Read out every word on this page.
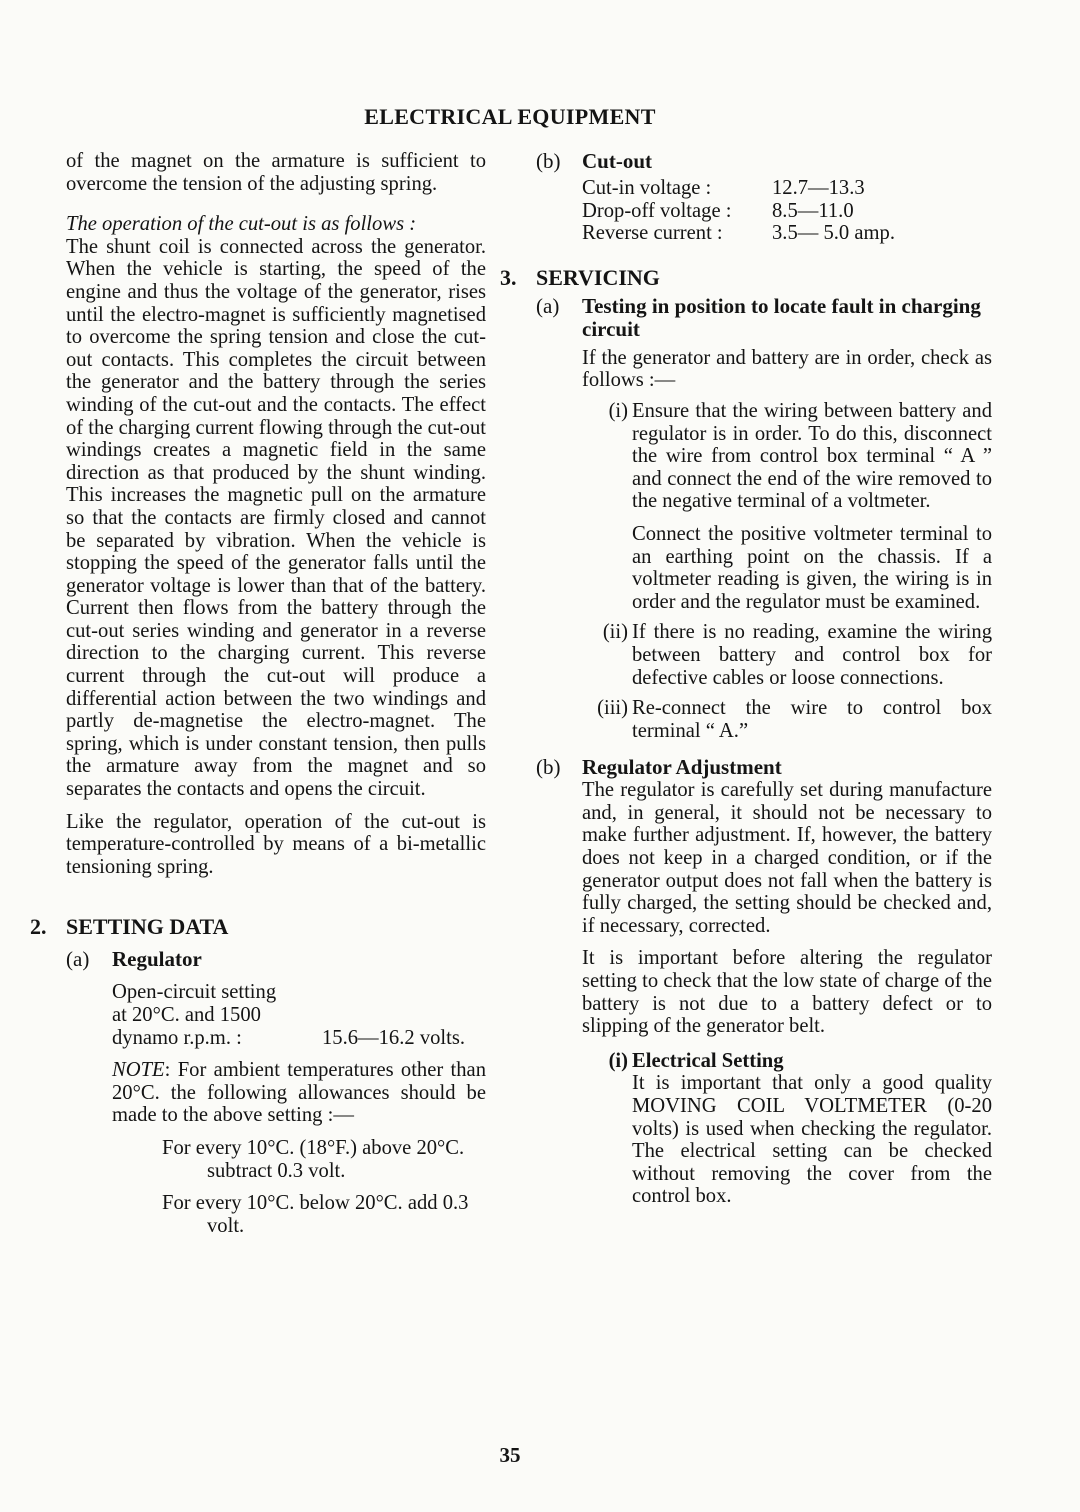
ELECTRICAL EQUIPMENT

of the magnet on the armature is sufficient to overcome the tension of the adjusting spring.

The operation of the cut-out is as follows :

The shunt coil is connected across the generator. When the vehicle is starting, the speed of the engine and thus the voltage of the generator, rises until the electro-magnet is sufficiently magnetised to overcome the spring tension and close the cut-out contacts. This completes the circuit between the generator and the battery through the series winding of the cut-out and the contacts. The effect of the charging current flowing through the cut-out windings creates a magnetic field in the same direction as that produced by the shunt winding. This increases the magnetic pull on the armature so that the contacts are firmly closed and cannot be separated by vibration. When the vehicle is stopping the speed of the generator falls until the generator voltage is lower than that of the battery. Current then flows from the battery through the cut-out series winding and generator in a reverse direction to the charging current. This reverse current through the cut-out will produce a differential action between the two windings and partly de-magnetise the electro-magnet. The spring, which is under constant tension, then pulls the armature away from the magnet and so separates the contacts and opens the circuit.

Like the regulator, operation of the cut-out is temperature-controlled by means of a bi-metallic tensioning spring.

2. SETTING DATA
(a)	Regulator
Open-circuit setting
at 20°C. and 1500
dynamo r.p.m. :	15.6—16.2 volts.

NOTE: For ambient temperatures other than 20°C. the following allowances should be made to the above setting :—

For every 10°C. (18°F.) above 20°C. subtract 0.3 volt.

For every 10°C. below 20°C. add 0.3 volt.

(b)	Cut-out
Cut-in voltage :	12.7—13.3
Drop-off voltage :	8.5—11.0
Reverse current :	3.5— 5.0 amp.
3. SERVICING
(a)	Testing in position to locate fault in charging circuit

If the generator and battery are in order, check as follows :—

(i) Ensure that the wiring between battery and regulator is in order. To do this, disconnect the wire from control box terminal “ A ” and connect the end of the wire removed to the negative terminal of a voltmeter.

Connect the positive voltmeter terminal to an earthing point on the chassis. If a voltmeter reading is given, the wiring is in order and the regulator must be examined.

(ii) If there is no reading, examine the wiring between battery and control box for defective cables or loose connections.

(iii) Re-connect the wire to control box terminal “ A.”

(b)	Regulator Adjustment

The regulator is carefully set during manufacture and, in general, it should not be necessary to make further adjustment. If, however, the battery does not keep in a charged condition, or if the generator output does not fall when the battery is fully charged, the setting should be checked and, if necessary, corrected.

It is important before altering the regulator setting to check that the low state of charge of the battery is not due to a battery defect or to slipping of the generator belt.

(i) Electrical Setting

It is important that only a good quality MOVING COIL VOLTMETER (0-20 volts) is used when checking the regulator. The electrical setting can be checked without removing the cover from the control box.

35
